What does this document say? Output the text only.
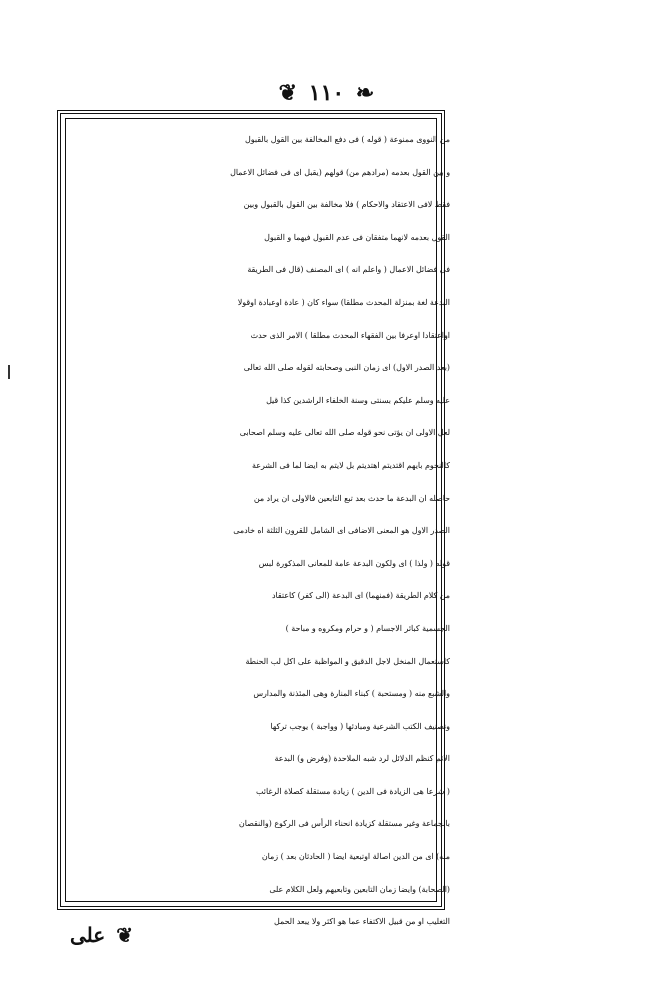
❦ ١١٠ ❧
من النووى ممنوعة ( قوله ) فى دفع المخالفة بين القول بالقبول
و بين القول بعدمه (مرادهم من) قولهم (يقبل اى فى فضائل الاعمال
فقط لافى الاعتقاد والاحكام ) فلا مخالفة بين القول بالقبول وبين
القول بعدمه لانهما متفقان فى عدم القبول فيهما و القبول
فى فضائل الاعمال ( واعلم انه ) اى المصنف (قال فى الطريقة
البدعة لغة بمنزلة المحدث مطلقا) سواء كان ( عادة اوعبادة اوقولا
اواعتقادا اوعرفا بين الفقهاء المحدث مطلقا ) الامر الذى حدث
(بعد الصدر الاول) اى زمان النبى وصحابته لقوله صلى الله تعالى
عليه وسلم عليكم بسنتى وسنة الخلفاء الراشدين كذا قيل
لعل الاولى ان يؤتى نحو قوله صلى الله تعالى عليه وسلم اصحابى
كالنجوم بايهم اقتديتم اهتديتم بل لايتم به ايضا لما فى الشرعة
حاصله ان البدعة ما حدث بعد تبع التابعين فالاولى ان يراد من
الصدر الاول هو المعنى الاضافى اى الشامل للقرون الثلثة اه خادمى
قوله ( ولذا ) اى ولكون البدعة عامة للمعانى المذكورة لبس
من كلام الطريقة (فمنهما) اى البدعة (الى كفر) كاعتقاد
الجسمية كبائر الاجسام ( و حرام ومكروه و مباحة )
كاستعمال المنخل لاجل الدقيق و المواظبة على اكل لب الحنطة
والشبع منه ( ومستحبة ) كبناء المنارة وهى المئذنة والمدارس
وتصنيف الكتب الشرعية ومبادئها ( وواجبة ) يوجب تركها
الاثم كنظم الدلائل لرد شبه الملاحدة (وفرض و) البدعة
( شرعا هى الزيادة فى الدين ) زيادة مستقلة كصلاة الرغائب
بالجماعة وغير مستقلة كزيادة انحناء الرأس فى الركوع (والنقصان
منه) اى من الدين اصالة اوتبعية ايضا ( الحادثان بعد ) زمان
(الصحابة) وايضا زمان التابعين وتابعيهم ولعل الكلام على
التغليب او من قبيل الاكتفاء عما هو اكثر ولا يبعد الحمل
❦ على
